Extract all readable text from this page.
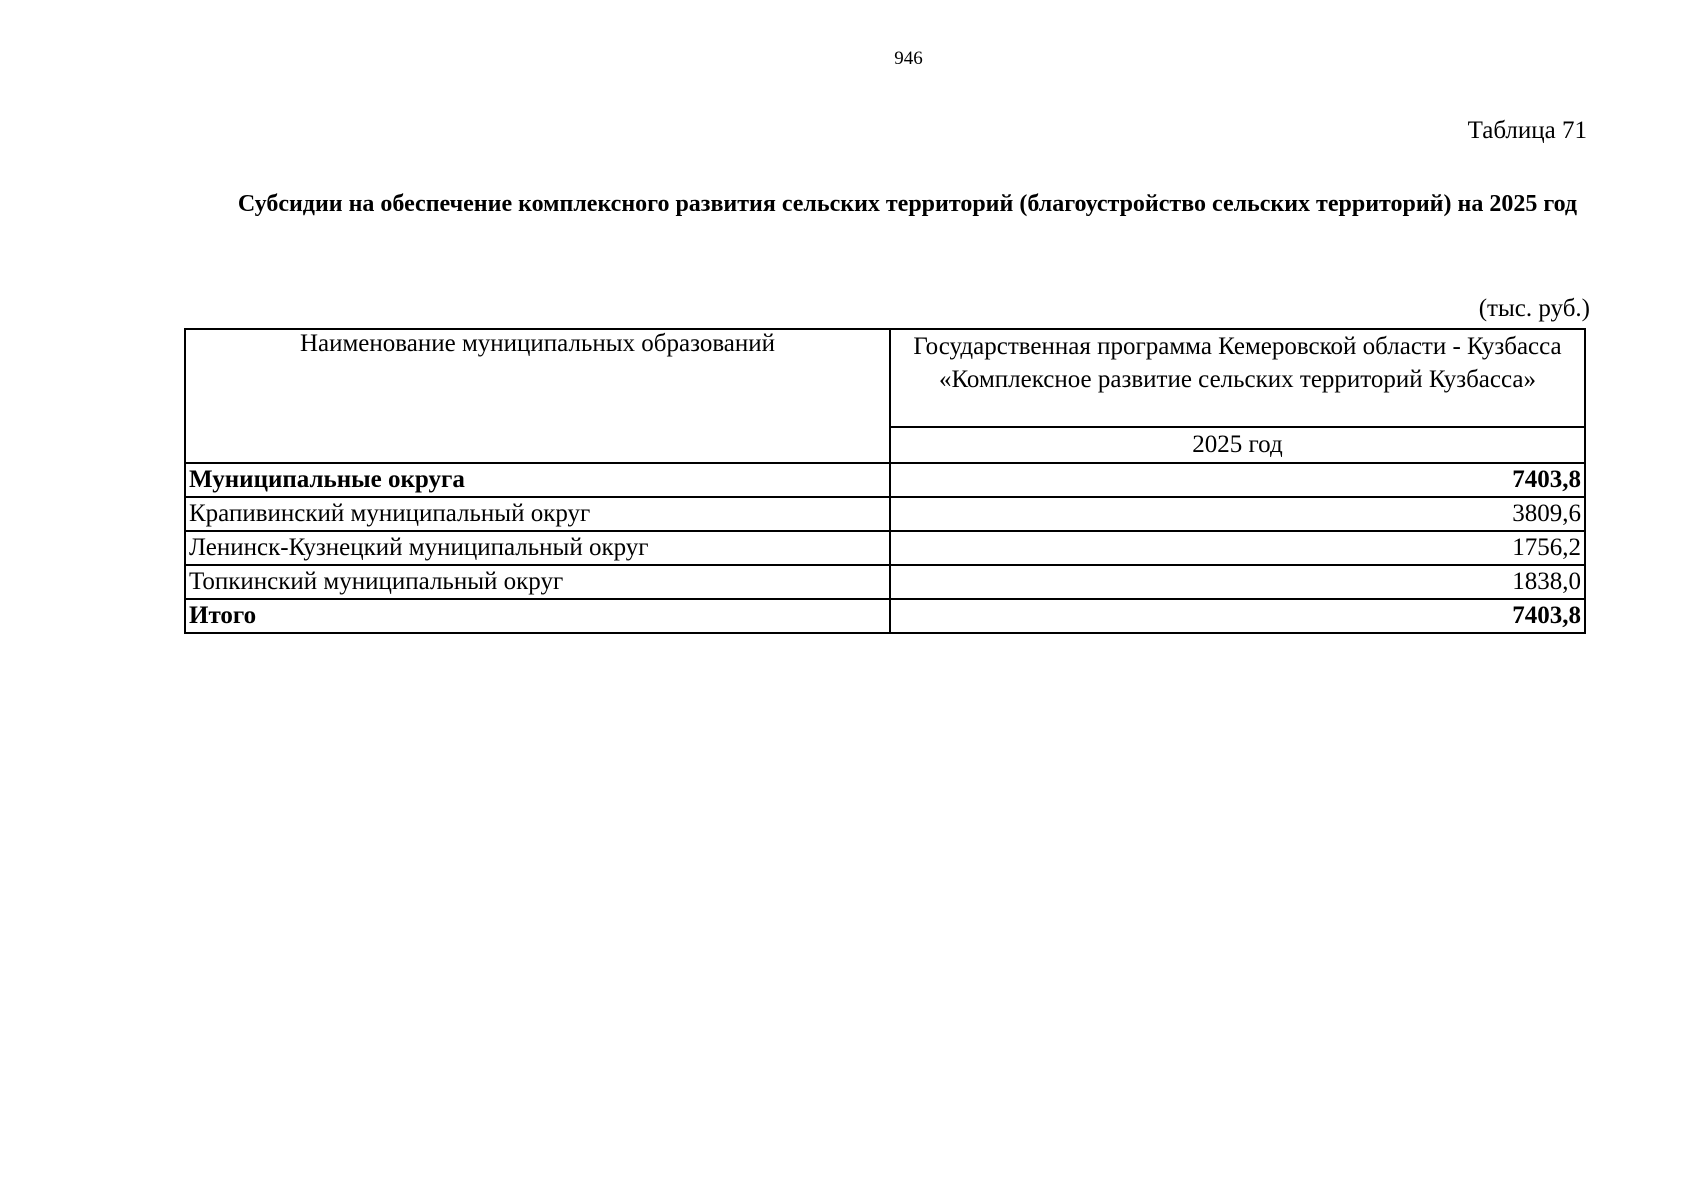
946
Таблица 71
Субсидии на обеспечение комплексного развития сельских территорий (благоустройство сельских территорий) на 2025 год
(тыс. руб.)
Наименование муниципальных образований	Государственная программа Кемеровской области - Кузбасса «Комплексное развитие сельских территорий Кузбасса»
	2025 год
Муниципальные округа	7403,8
Крапивинский муниципальный округ	3809,6
Ленинск-Кузнецкий муниципальный округ	1756,2
Топкинский муниципальный округ	1838,0
Итого	7403,8
